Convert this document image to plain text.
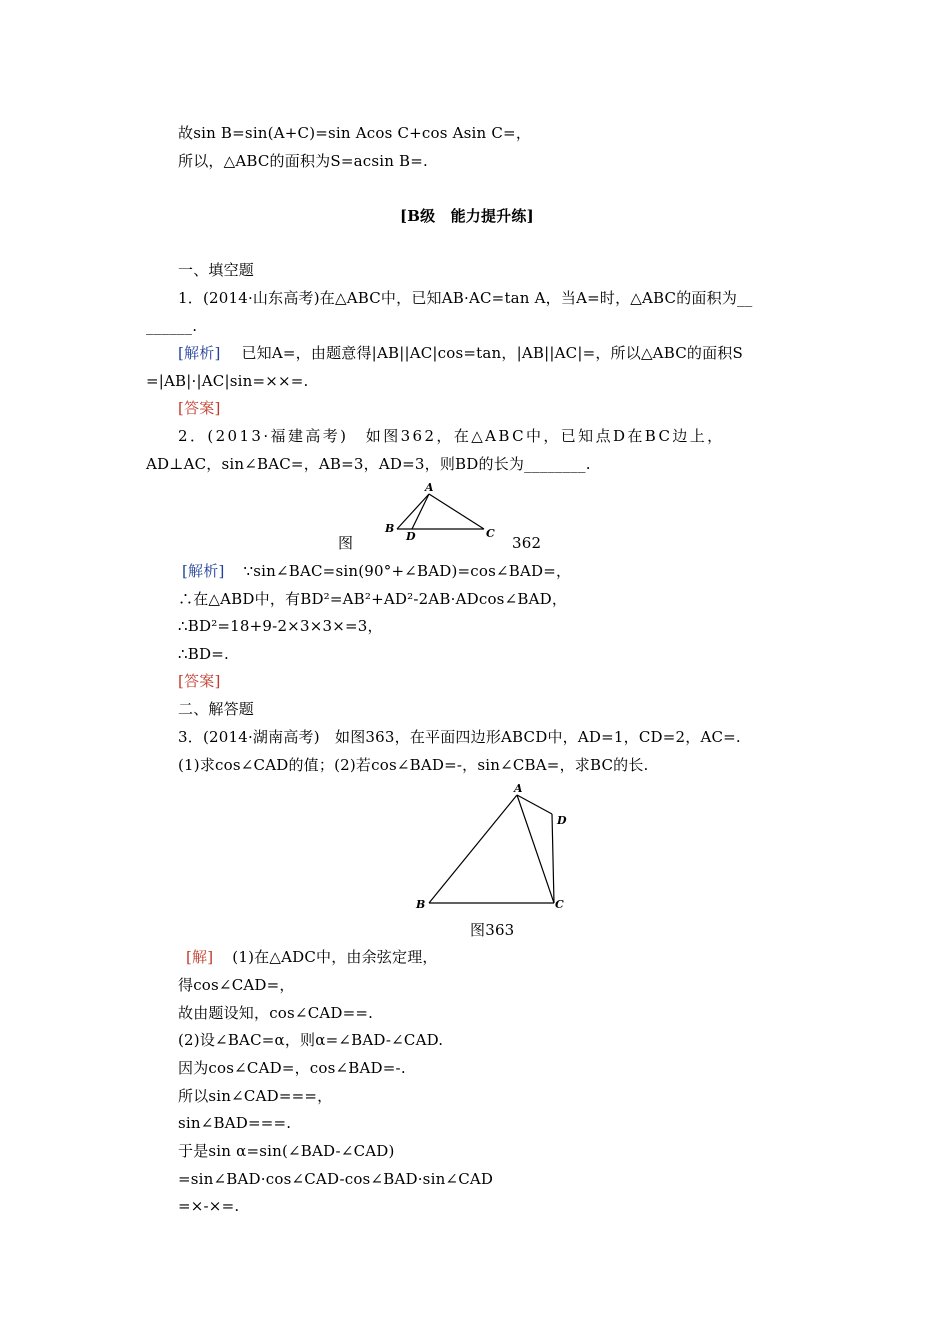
故sin B=sin(A+C)=sin Acos C+cos Asin C=，
所以，△ABC的面积为S=acsin B=.
[B级　能力提升练]
一、填空题
1．(2014·山东高考)在△ABC中，已知AB·AC=tan A，当A=时，△ABC的面积为__
______.
[解析] 已知A=，由题意得|AB||AC|cos=tan，|AB||AC|=，所以△ABC的面积S
=|AB|·|AC|sin=××=.
[答案]
2．(2013·福建高考)　如图362，在△ABC中，已知点D在BC边上，
AD⊥AC，sin∠BAC=，AB=3，AD=3，则BD的长为________.
A
B
D	C
图	362
[解析] ∵sin∠BAC=sin(90°+∠BAD)=cos∠BAD=，
∴在△ABD中，有BD²=AB²+AD²-2AB·ADcos∠BAD，
∴BD²=18+9-2×3×3×=3，
∴BD=.
[答案]
二、解答题
3．(2014·湖南高考)　如图363，在平面四边形ABCD中，AD=1，CD=2，AC=.
(1)求cos∠CAD的值；(2)若cos∠BAD=-，sin∠CBA=，求BC的长.
A
D
B	C
图363
[解] (1)在△ADC中，由余弦定理，
得cos∠CAD=，
故由题设知，cos∠CAD==.
(2)设∠BAC=α，则α=∠BAD-∠CAD.
因为cos∠CAD=，cos∠BAD=-.
所以sin∠CAD===，
sin∠BAD===.
于是sin α=sin(∠BAD-∠CAD)
=sin∠BAD·cos∠CAD-cos∠BAD·sin∠CAD
=×-×=.
